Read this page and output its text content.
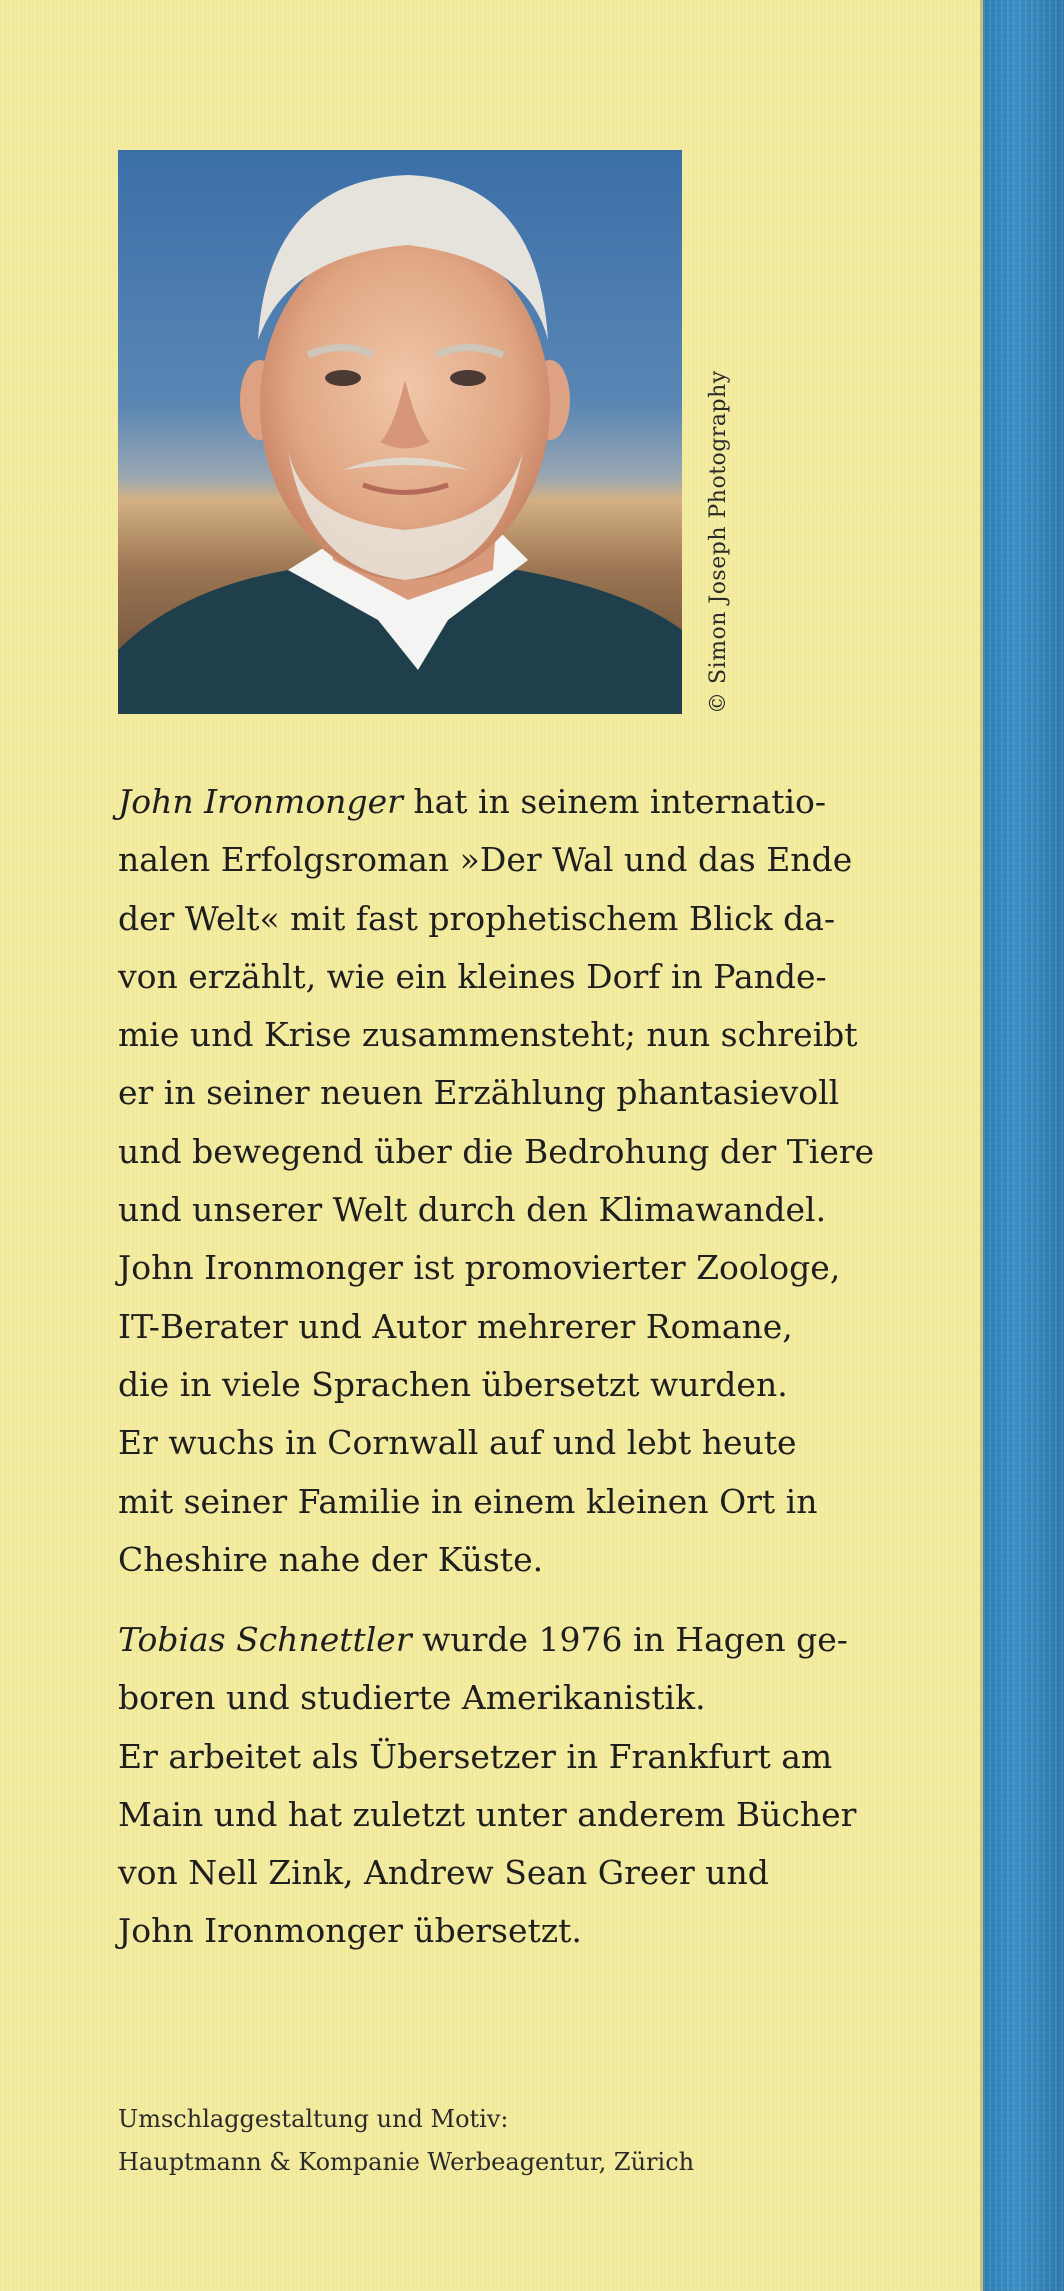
© Simon Joseph Photography

John Ironmonger hat in seinem internatio-
nalen Erfolgsroman »Der Wal und das Ende
der Welt« mit fast prophetischem Blick da-
von erzählt, wie ein kleines Dorf in Pande-
mie und Krise zusammensteht; nun schreibt
er in seiner neuen Erzählung phantasievoll
und bewegend über die Bedrohung der Tiere
und unserer Welt durch den Klimawandel.
John Ironmonger ist promovierter Zoologe,
IT-Berater und Autor mehrerer Romane,
die in viele Sprachen übersetzt wurden.
Er wuchs in Cornwall auf und lebt heute
mit seiner Familie in einem kleinen Ort in
Cheshire nahe der Küste.

Tobias Schnettler wurde 1976 in Hagen ge-
boren und studierte Amerikanistik.
Er arbeitet als Übersetzer in Frankfurt am
Main und hat zuletzt unter anderem Bücher
von Nell Zink, Andrew Sean Greer und
John Ironmonger übersetzt.

Umschlaggestaltung und Motiv:
Hauptmann & Kompanie Werbeagentur, Zürich
